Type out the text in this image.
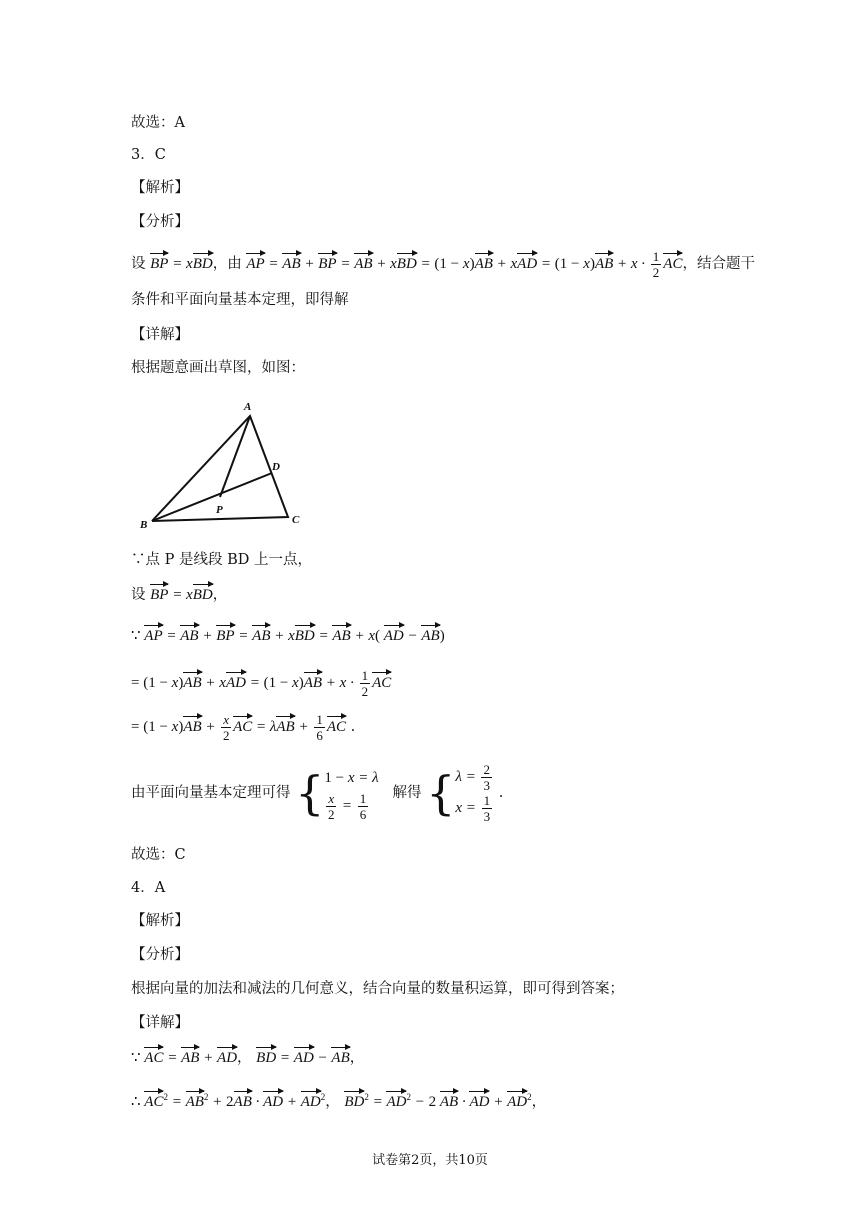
故选：A
3．C
【解析】
【分析】
设 BP = xBD，由 AP = AB + BP = AB + xBD = (1 − x)AB + xAD = $(1 - x)AB + x \cdot \frac{1}{2}$ AC，结合题干
条件和平面向量基本定理，即得解
【详解】
根据题意画出草图，如图：
A
D
P
B	C
∵点 P 是线段 BD 上一点，
设 BP = xBD，
∵ AP = AB + BP = AB + xBD = AB + x( AD − AB)
= (1 − x)AB + xAD = $(1 - x)AB + x \cdot \frac{1}{2}$ AC
= $(1 - x)AB + \frac{x}{2}$ AC = $\lambda AB + \frac{1}{6}$ AC .
由平面向量基本定理可得 { 1 − x = λ
$\frac{x}{2} = \frac{1}{6}$ 解得 { $\lambda = \frac{2}{3}$
$x = \frac{1}{3}$ .
故选：C
4．A
【解析】
【分析】
根据向量的加法和减法的几何意义，结合向量的数量积运算，即可得到答案；
【详解】
∵ AC = AB + AD， BD = AD − AB，
∴ $AC^2 = AB^2 + 2AB$ · AD + $AD^2$， $BD^2 = AD^2 - 2$ AB · AD + $AD^2$，
试卷第2页，共10页
